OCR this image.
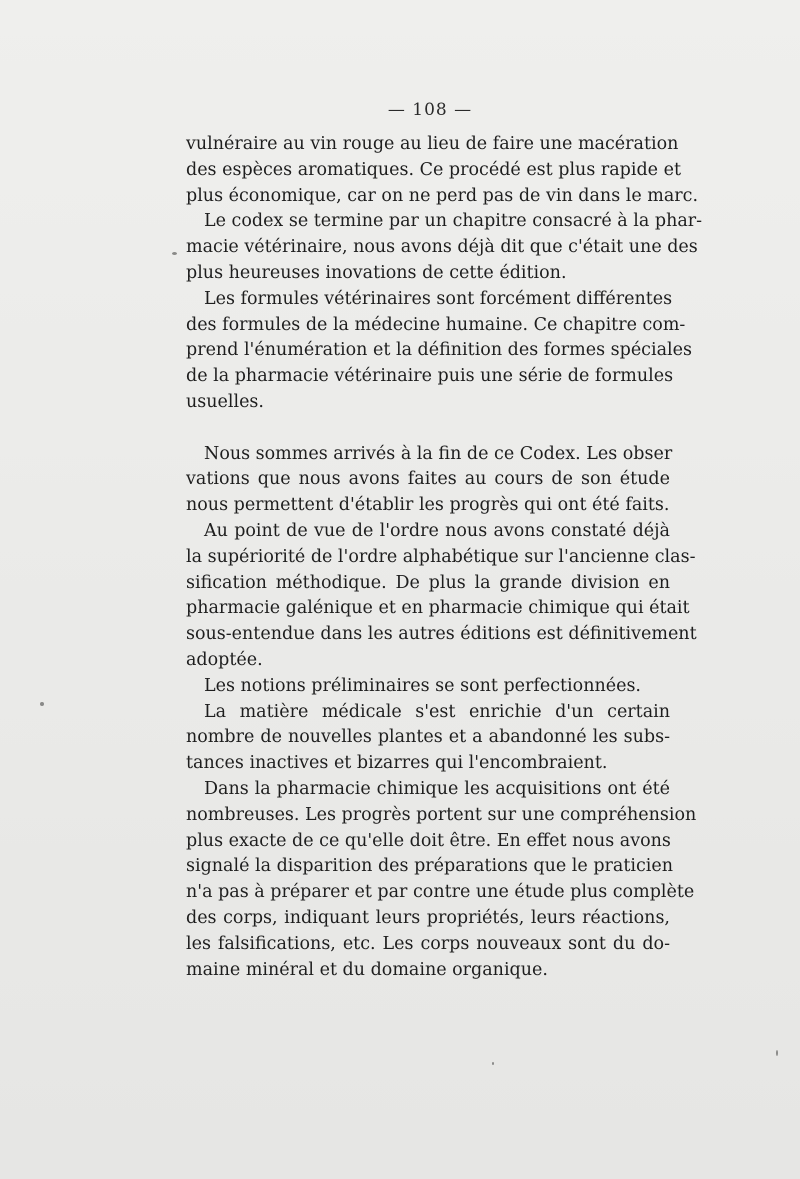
— 108 —
vulnéraire au vin rouge au lieu de faire une macération
des espèces aromatiques. Ce procédé est plus rapide et
plus économique, car on ne perd pas de vin dans le marc.
Le codex se termine par un chapitre consacré à la phar-
macie vétérinaire, nous avons déjà dit que c'était une des
plus heureuses inovations de cette édition.
Les formules vétérinaires sont forcément différentes
des formules de la médecine humaine. Ce chapitre com-
prend l'énumération et la définition des formes spéciales
de la pharmacie vétérinaire puis une série de formules
usuelles.
Nous sommes arrivés à la fin de ce Codex. Les obser
vations que nous avons faites au cours de son étude
nous permettent d'établir les progrès qui ont été faits.
Au point de vue de l'ordre nous avons constaté déjà
la supériorité de l'ordre alphabétique sur l'ancienne clas-
sification méthodique. De plus la grande division en
pharmacie galénique et en pharmacie chimique qui était
sous-entendue dans les autres éditions est définitivement
adoptée.
Les notions préliminaires se sont perfectionnées.
La matière médicale s'est enrichie d'un certain
nombre de nouvelles plantes et a abandonné les subs-
tances inactives et bizarres qui l'encombraient.
Dans la pharmacie chimique les acquisitions ont été
nombreuses. Les progrès portent sur une compréhension
plus exacte de ce qu'elle doit être. En effet nous avons
signalé la disparition des préparations que le praticien
n'a pas à préparer et par contre une étude plus complète
des corps, indiquant leurs propriétés, leurs réactions,
les falsifications, etc. Les corps nouveaux sont du do-
maine minéral et du domaine organique.
